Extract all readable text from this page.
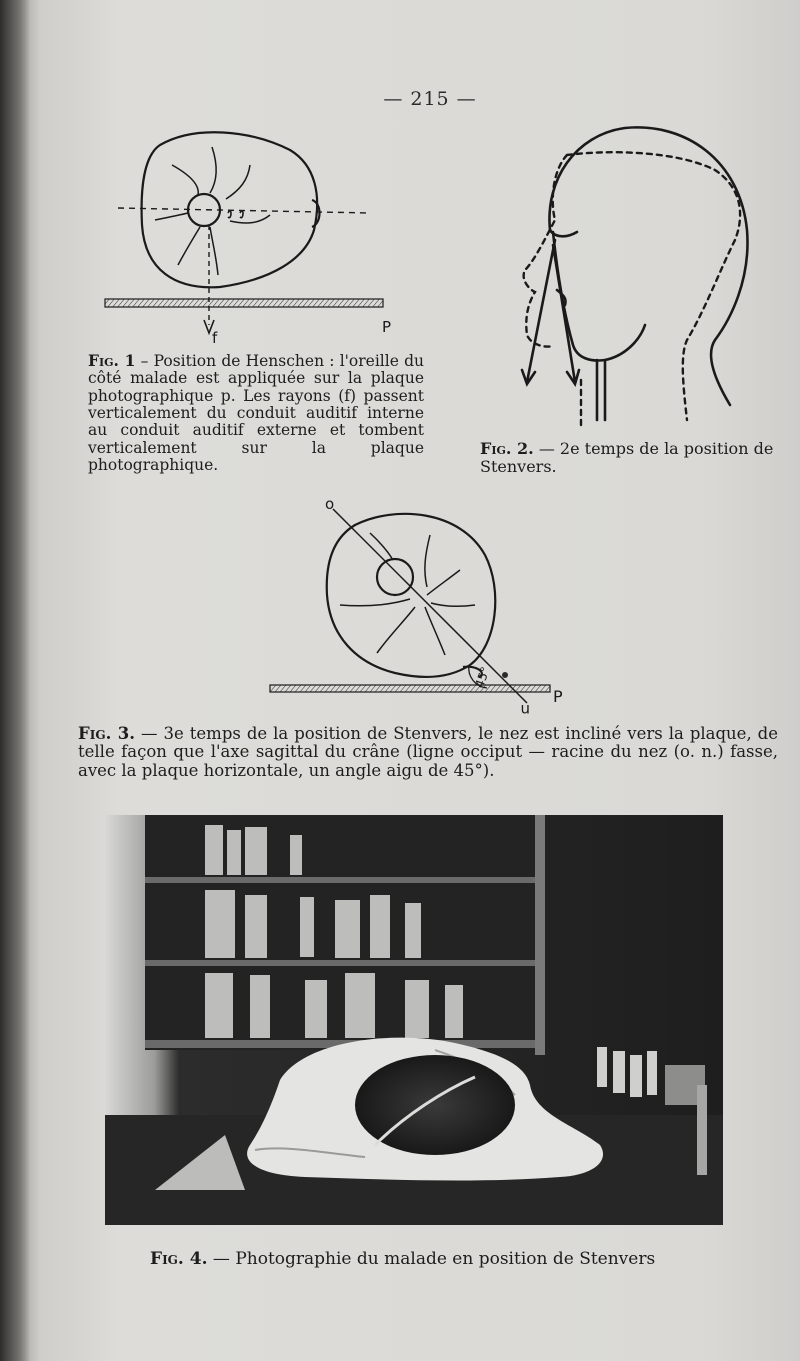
— 215 —
f
P
Fig. 1 – Position de Henschen : l'oreille du côté malade est appliquée sur la plaque photographique p. Les rayons (f) passent verticalement du conduit auditif interne au conduit auditif externe et tombent verticalement sur la plaque photographique.
Fig. 2. — 2e temps de la position de Stenvers.
o
n
P
45°
Fig. 3. — 3e temps de la position de Stenvers, le nez est incliné vers la plaque, de telle façon que l'axe sagittal du crâne (ligne occiput — racine du nez (o. n.) fasse, avec la plaque horizontale, un angle aigu de 45°).
Fig. 4. — Photographie du malade en position de Stenvers
